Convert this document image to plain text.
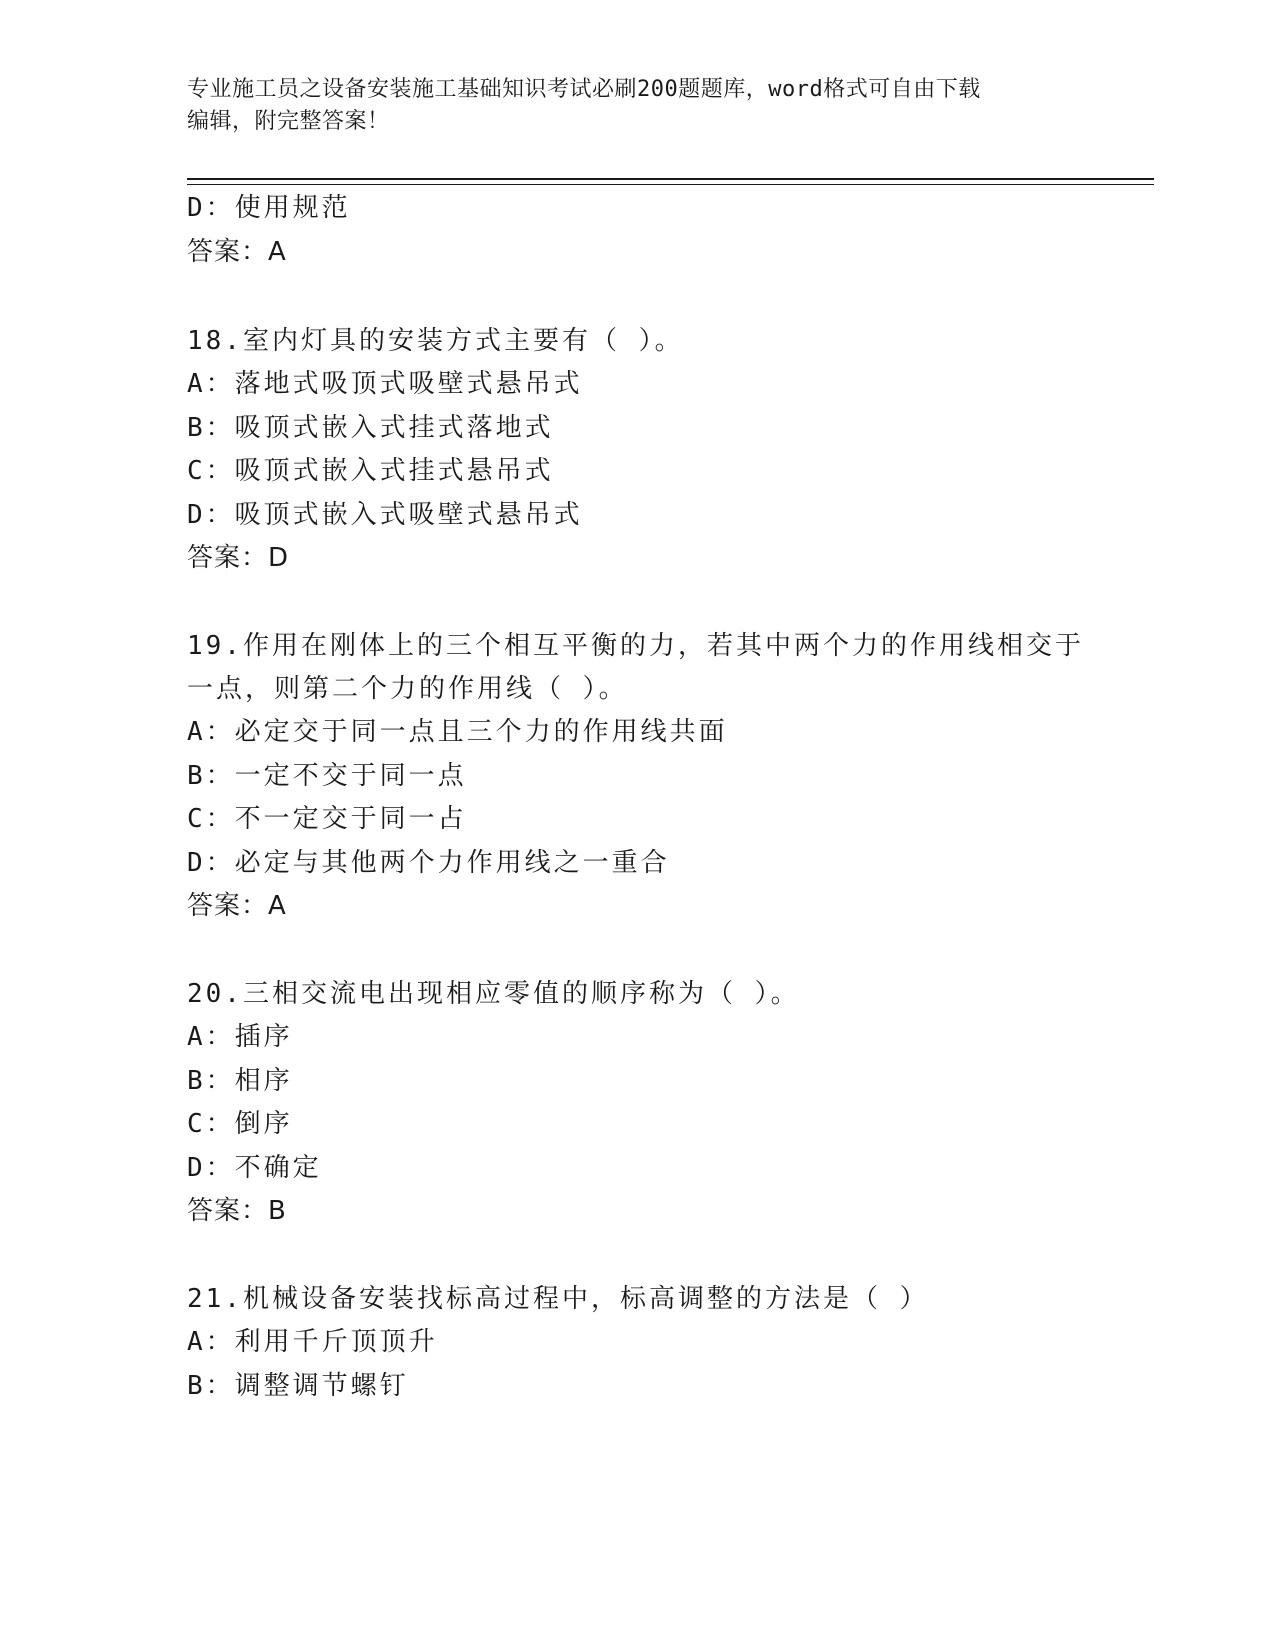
专业施工员之设备安装施工基础知识考试必刷200题题库，word格式可自由下载
编辑，附完整答案！
D：使用规范
答案：A
18.室内灯具的安装方式主要有（ ）。
A：落地式吸顶式吸壁式悬吊式
B：吸顶式嵌入式挂式落地式
C：吸顶式嵌入式挂式悬吊式
D：吸顶式嵌入式吸壁式悬吊式
答案：D
19.作用在刚体上的三个相互平衡的力，若其中两个力的作用线相交于
一点，则第二个力的作用线（ ）。
A：必定交于同一点且三个力的作用线共面
B：一定不交于同一点
C：不一定交于同一占
D：必定与其他两个力作用线之一重合
答案：A
20.三相交流电出现相应零值的顺序称为（ ）。
A：插序
B：相序
C：倒序
D：不确定
答案：B
21.机械设备安装找标高过程中，标高调整的方法是（ ）
A：利用千斤顶顶升
B：调整调节螺钉
